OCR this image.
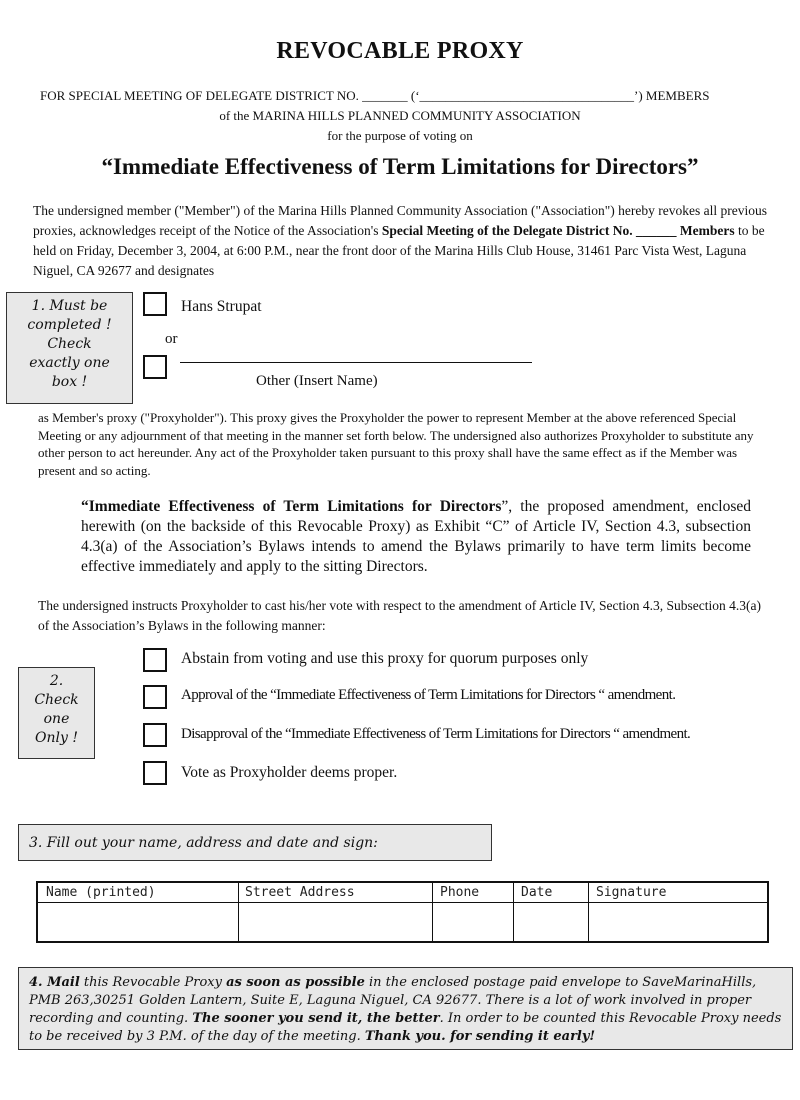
REVOCABLE PROXY
FOR SPECIAL MEETING OF DELEGATE DISTRICT NO. _______ (‘_________________________________’) MEMBERS
of the MARINA HILLS PLANNED COMMUNITY ASSOCIATION
for the purpose of voting on
“Immediate Effectiveness of Term Limitations for Directors”
The undersigned member ("Member") of the Marina Hills Planned Community Association ("Association") hereby revokes all previous proxies, acknowledges receipt of the Notice of the Association's Special Meeting of the Delegate District No. ______ Members to be held on Friday, December 3, 2004, at 6:00 P.M., near the front door of the Marina Hills Club House, 31461 Parc Vista West, Laguna Niguel, CA 92677 and designates
1. Must be
completed !
Check
exactly one
box !
Hans Strupat
or
Other (Insert Name)
as Member's proxy ("Proxyholder"). This proxy gives the Proxyholder the power to represent Member at the above referenced Special Meeting or any adjournment of that meeting in the manner set forth below. The undersigned also authorizes Proxyholder to substitute any other person to act hereunder. Any act of the Proxyholder taken pursuant to this proxy shall have the same effect as if the Member was present and so acting.
“Immediate Effectiveness of Term Limitations for Directors”, the proposed amendment, enclosed herewith (on the backside of this Revocable Proxy) as Exhibit “C” of Article IV, Section 4.3, subsection 4.3(a) of the Association’s Bylaws intends to amend the Bylaws primarily to have term limits become effective immediately and apply to the sitting Directors.
The undersigned instructs Proxyholder to cast his/her vote with respect to the amendment of Article IV, Section 4.3, Subsection 4.3(a) of the Association’s Bylaws in the following manner:
2.
Check
one
Only !
Abstain from voting and use this proxy for quorum purposes only
Approval of the “Immediate Effectiveness of Term Limitations for Directors “ amendment.
Disapproval of the “Immediate Effectiveness of Term Limitations for Directors “ amendment.
Vote as Proxyholder deems proper.
3. Fill out your name, address and date and sign:
Name (printed)	Street Address	Phone	Date	Signature
4. Mail this Revocable Proxy as soon as possible in the enclosed postage paid envelope to SaveMarinaHills, PMB 263,30251 Golden Lantern, Suite E, Laguna Niguel, CA 92677. There is a lot of work involved in proper recording and counting. The sooner you send it, the better. In order to be counted this Revocable Proxy needs to be received by 3 P.M. of the day of the meeting. Thank you. for sending it early!
